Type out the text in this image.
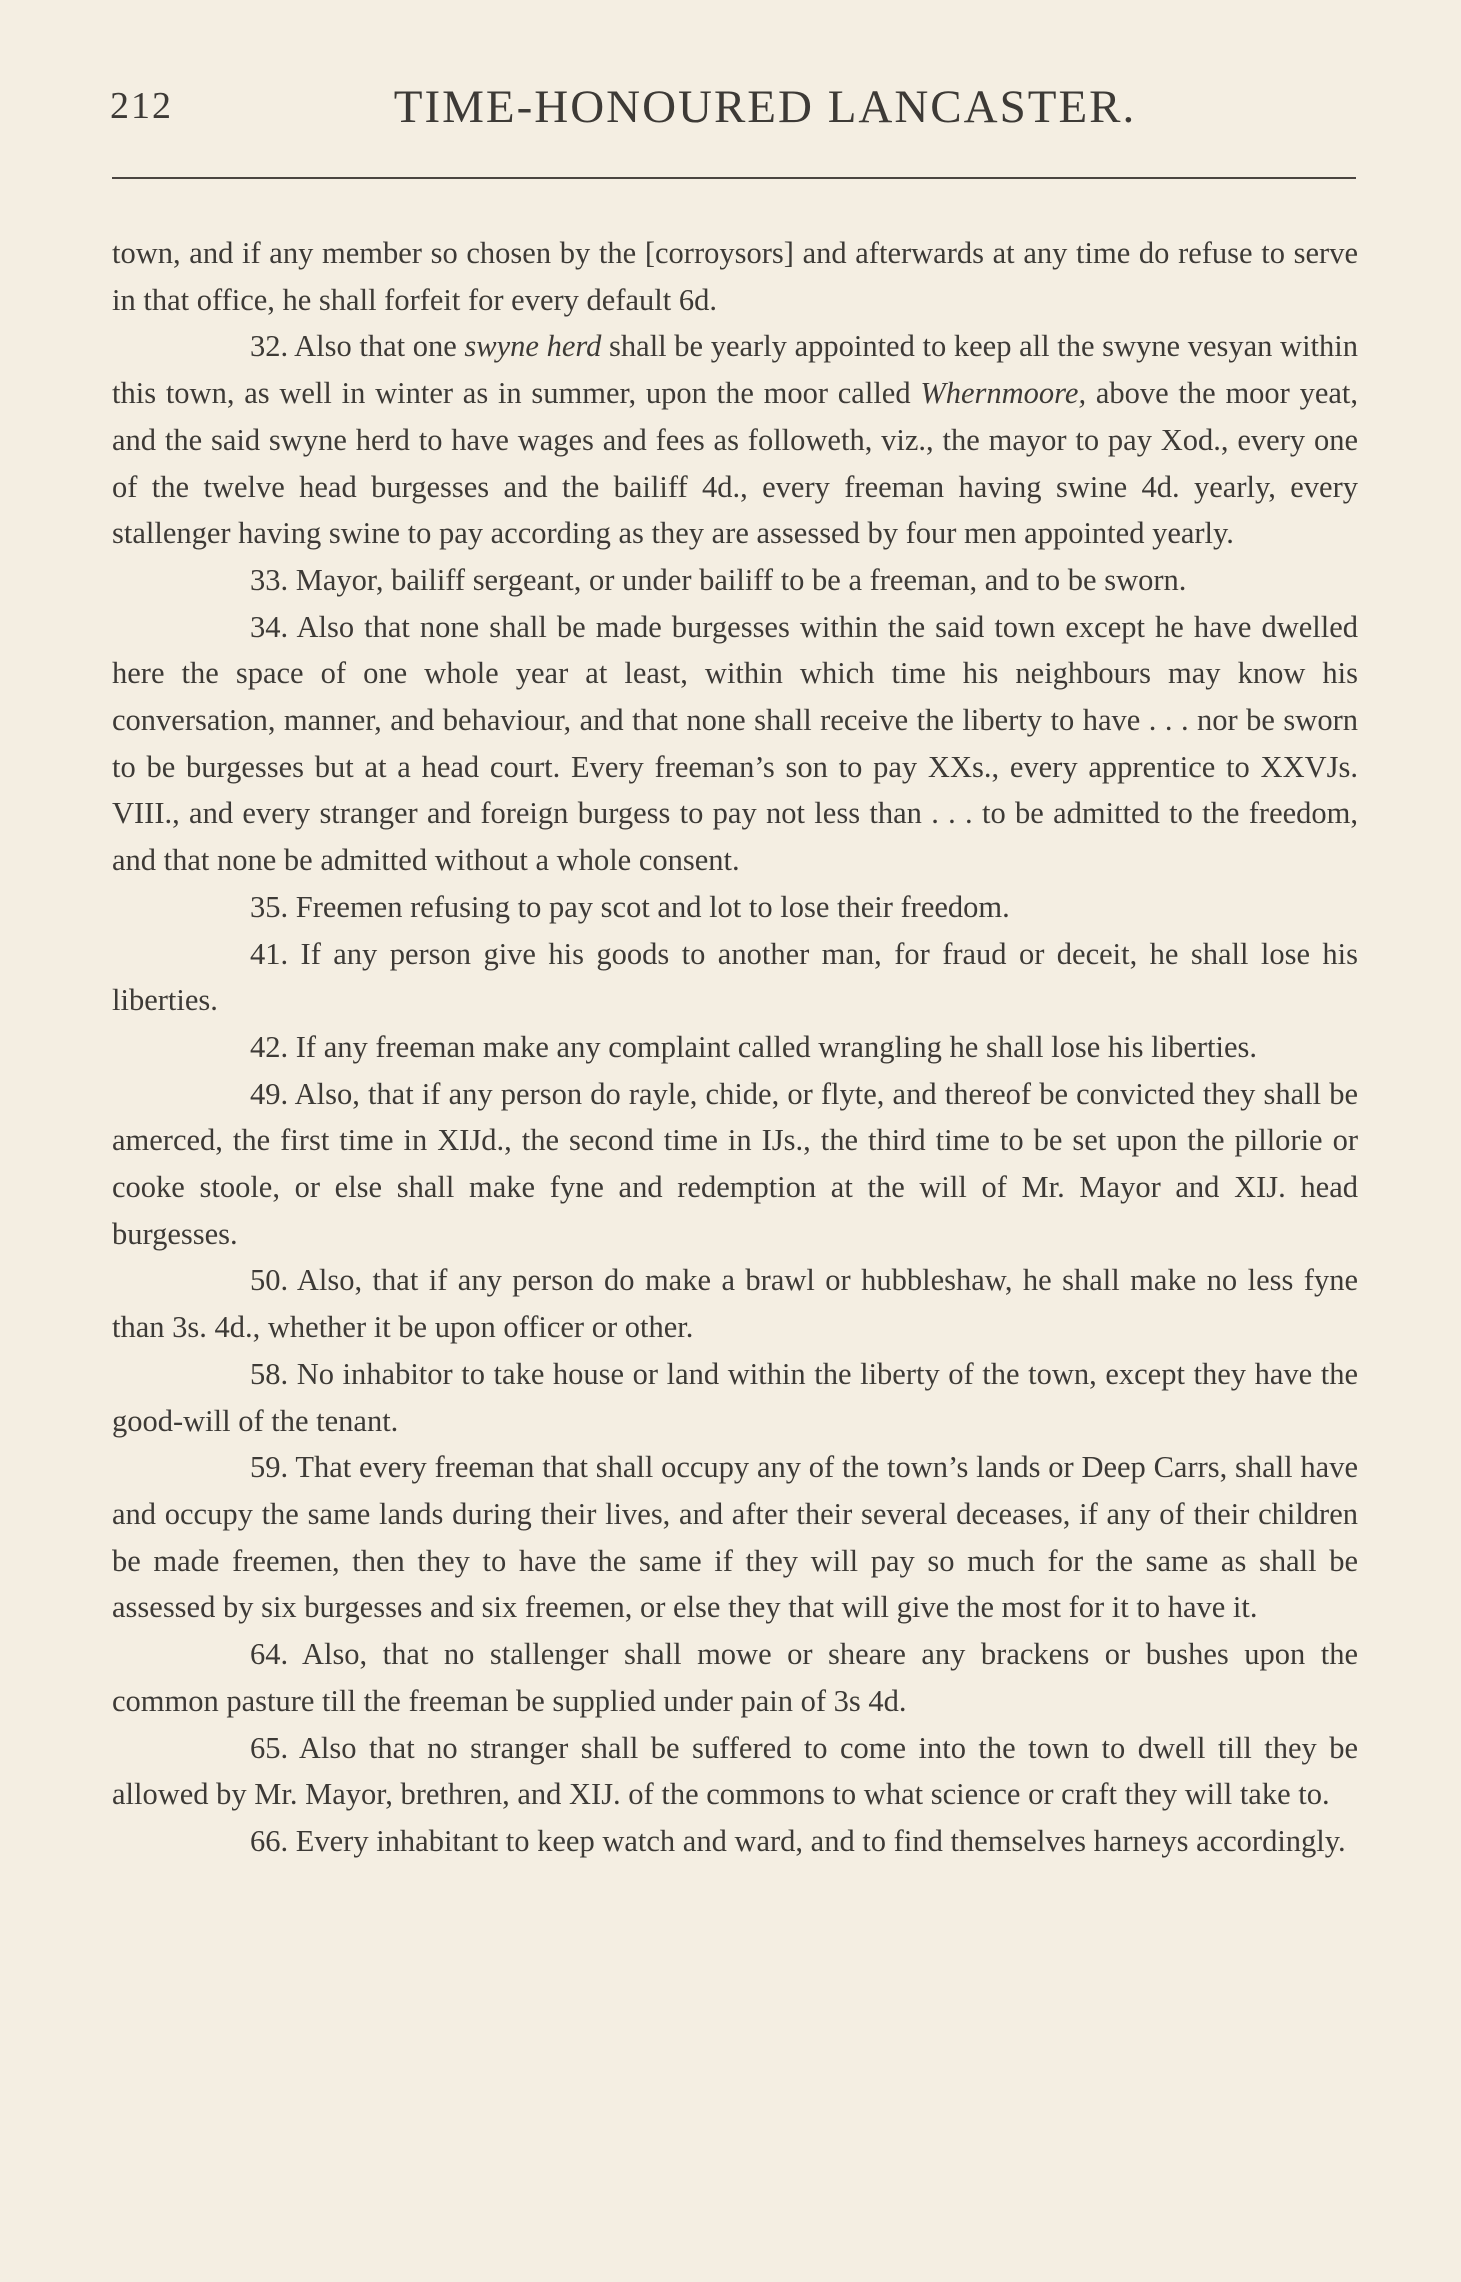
212	TIME-HONOURED LANCASTER.

town, and if any member so chosen by the [corroysors] and afterwards at any time do refuse to serve in that office, he shall forfeit for every default 6d.

32. Also that one swyne herd shall be yearly appointed to keep all the swyne vesyan within this town, as well in winter as in summer, upon the moor called Whernmoore, above the moor yeat, and the said swyne herd to have wages and fees as followeth, viz., the mayor to pay Xod., every one of the twelve head burgesses and the bailiff 4d., every freeman having swine 4d. yearly, every stallenger having swine to pay according as they are assessed by four men appointed yearly.

33. Mayor, bailiff sergeant, or under bailiff to be a freeman, and to be sworn.

34. Also that none shall be made burgesses within the said town except he have dwelled here the space of one whole year at least, within which time his neighbours may know his conversation, manner, and behaviour, and that none shall receive the liberty to have . . . nor be sworn to be burgesses but at a head court. Every freeman’s son to pay XXs., every apprentice to XXVJs. VIII., and every stranger and foreign burgess to pay not less than . . . to be admitted to the freedom, and that none be admitted without a whole consent.

35. Freemen refusing to pay scot and lot to lose their freedom.

41. If any person give his goods to another man, for fraud or deceit, he shall lose his liberties.

42. If any freeman make any complaint called wrangling he shall lose his liberties.

49. Also, that if any person do rayle, chide, or flyte, and thereof be convicted they shall be amerced, the first time in XIJd., the second time in IJs., the third time to be set upon the pillorie or cooke stoole, or else shall make fyne and redemption at the will of Mr. Mayor and XIJ. head burgesses.

50. Also, that if any person do make a brawl or hubbleshaw, he shall make no less fyne than 3s. 4d., whether it be upon officer or other.

58. No inhabitor to take house or land within the liberty of the town, except they have the good-will of the tenant.

59. That every freeman that shall occupy any of the town’s lands or Deep Carrs, shall have and occupy the same lands during their lives, and after their several deceases, if any of their children be made freemen, then they to have the same if they will pay so much for the same as shall be assessed by six burgesses and six freemen, or else they that will give the most for it to have it.

64. Also, that no stallenger shall mowe or sheare any brackens or bushes upon the common pasture till the freeman be supplied under pain of 3s 4d.

65. Also that no stranger shall be suffered to come into the town to dwell till they be allowed by Mr. Mayor, brethren, and XIJ. of the commons to what science or craft they will take to.

66. Every inhabitant to keep watch and ward, and to find themselves harneys accordingly.
